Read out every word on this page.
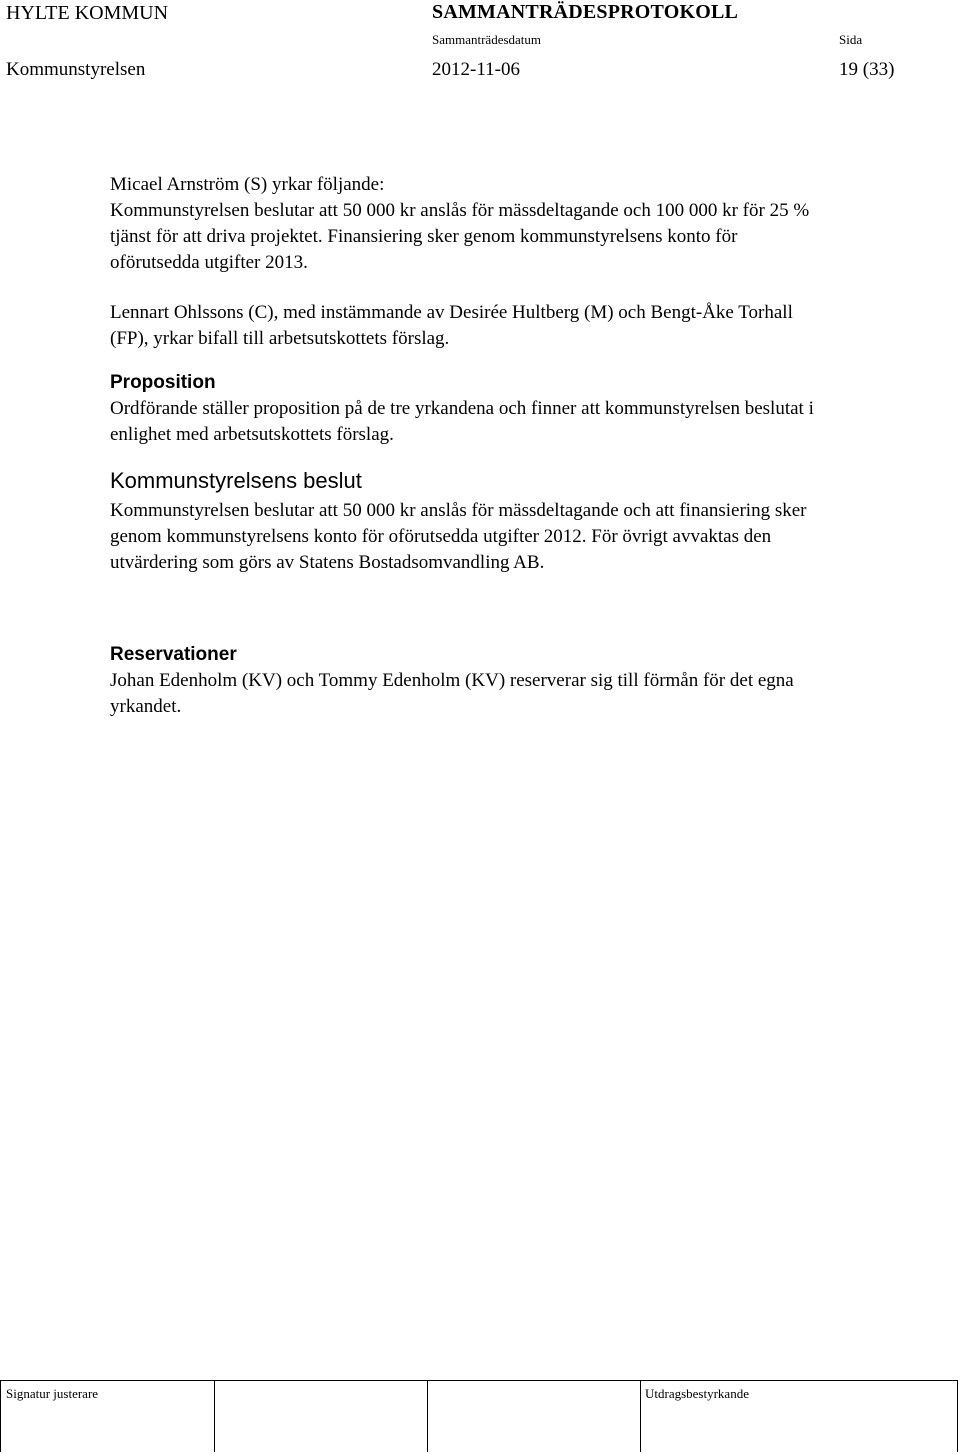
HYLTE KOMMUN	SAMMANTRÄDESPROTOKOLL
Sammanträdesdatum	Sida
Kommunstyrelsen	2012-11-06	19 (33)

Micael Arnström (S) yrkar följande:

Kommunstyrelsen beslutar att 50 000 kr anslås för mässdeltagande och 100 000 kr för 25 %

tjänst för att driva projektet. Finansiering sker genom kommunstyrelsens konto för

oförutsedda utgifter 2013.

Lennart Ohlssons (C), med instämmande av Desirée Hultberg (M) och Bengt-Åke Torhall

(FP), yrkar bifall till arbetsutskottets förslag.

Proposition

Ordförande ställer proposition på de tre yrkandena och finner att kommunstyrelsen beslutat i

enlighet med arbetsutskottets förslag.

Kommunstyrelsens beslut

Kommunstyrelsen beslutar att 50 000 kr anslås för mässdeltagande och att finansiering sker

genom kommunstyrelsens konto för oförutsedda utgifter 2012. För övrigt avvaktas den

utvärdering som görs av Statens Bostadsomvandling AB.

Reservationer

Johan Edenholm (KV) och Tommy Edenholm (KV) reserverar sig till förmån för det egna

yrkandet.

Signatur justerare	Utdragsbestyrkande
